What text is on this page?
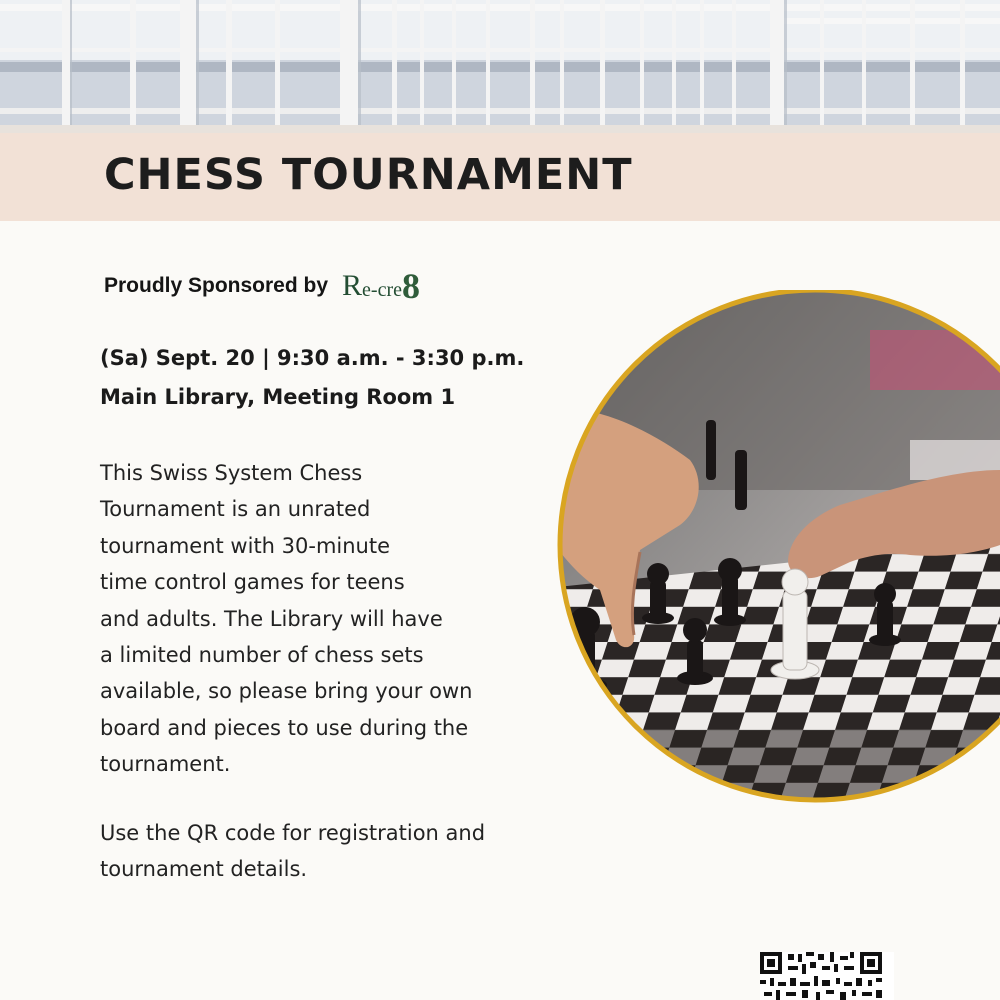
CHESS TOURNAMENT
Proudly Sponsored by R e-cre 8
(Sa) Sept. 20 | 9:30 a.m. - 3:30 p.m.
Main Library, Meeting Room 1
This Swiss System Chess
Tournament is an unrated
tournament with 30-minute
time control games for teens
and adults. The Library will have
a limited number of chess sets
available, so please bring your own
board and pieces to use during the
tournament.
Use the QR code for registration and
tournament details.
